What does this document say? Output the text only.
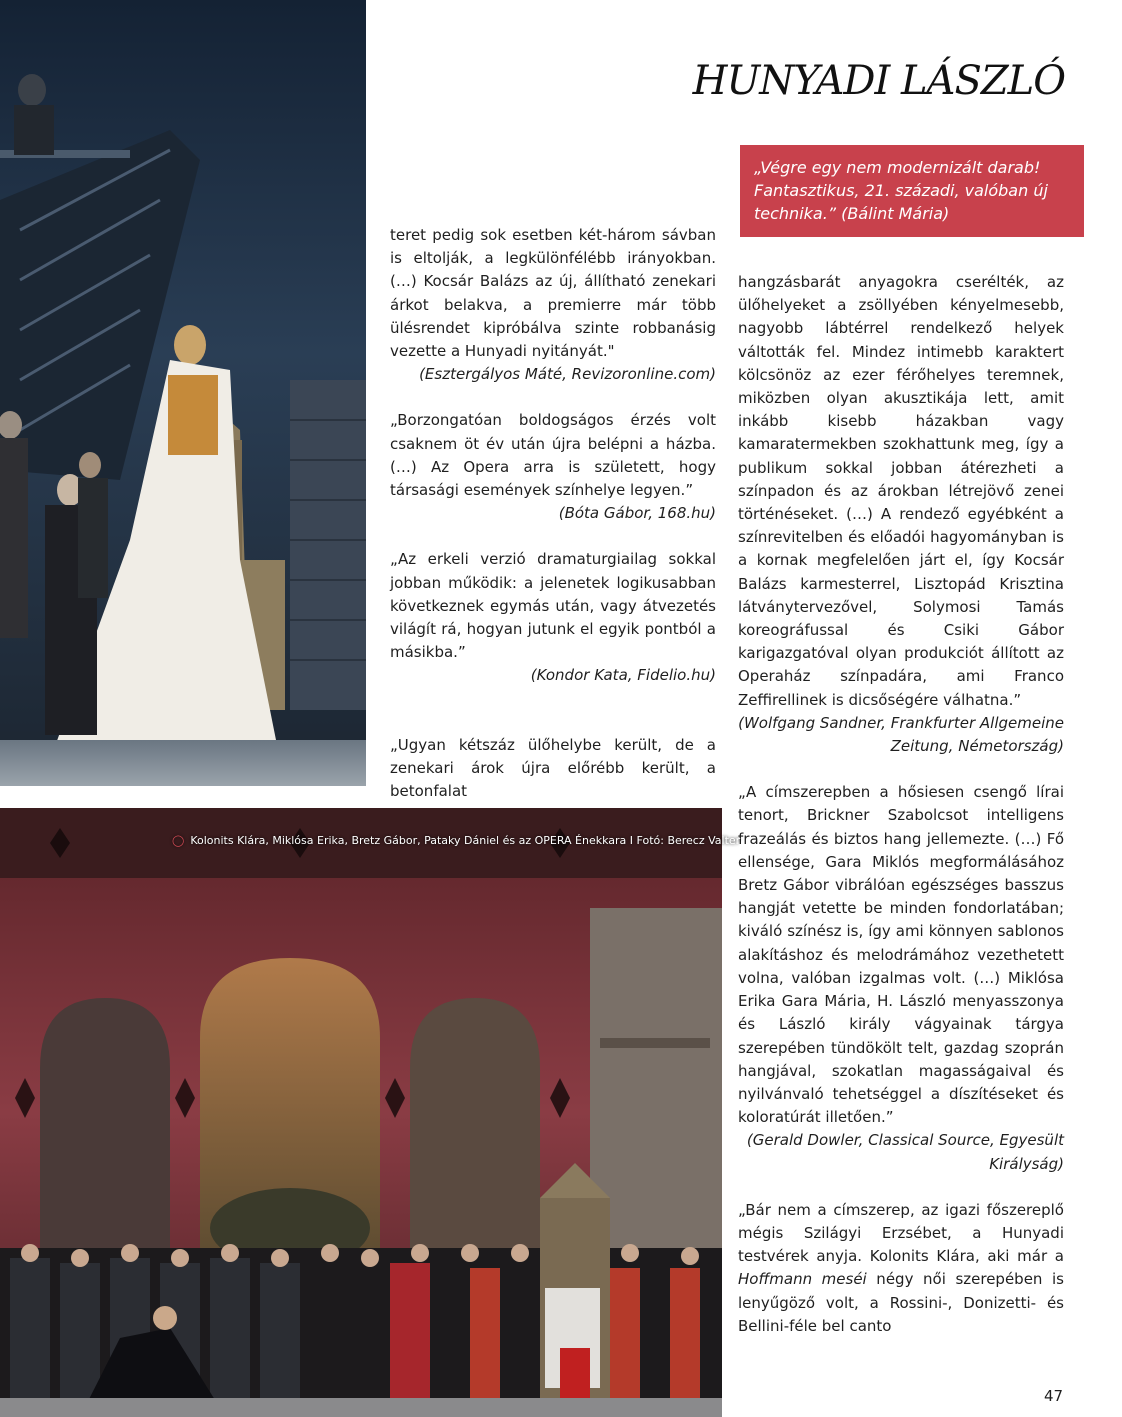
HUNYADI LÁSZLÓ
„Végre egy nem modernizált darab! Fantasztikus, 21. századi, valóban új technika.” (Bálint Mária)

teret pedig sok esetben két-három sávban is eltolják, a legkülönfélébb irányokban. (…) Kocsár Balázs az új, állítható zenekari árkot belakva, a premierre már több ülésrendet kipróbálva szinte robbanásig vezette a Hunyadi nyitányát."

(Esztergályos Máté, Revizoronline.com)

„Borzongatóan boldogságos érzés volt csaknem öt év után újra belépni a házba.(…) Az Opera arra is született, hogy társasági események színhelye legyen.”

(Bóta Gábor, 168.hu)

„Az erkeli verzió dramaturgiailag sokkal jobban működik: a jelenetek logikusabban következnek egymás után, vagy átvezetés világít rá, hogyan jutunk el egyik pontból a másikba.”

(Kondor Kata, Fidelio.hu)

„Ugyan kétszáz ülőhelybe került, de a zenekari árok újra előrébb került, a betonfalat

hangzásbarát anyagokra cserélték, az ülőhelyeket a zsöllyében kényelmesebb, nagyobb lábtérrel rendelkező helyek váltották fel. Mindez intimebb karaktert kölcsönöz az ezer férőhelyes teremnek, miközben olyan akusztikája lett, amit inkább kisebb házakban vagy kamaratermekben szokhattunk meg, így a publikum sokkal jobban átérezheti a színpadon és az árokban létrejövő zenei történéseket. (…) A rendező egyébként a színrevitelben és előadói hagyományban is a kornak megfelelően járt el, így Kocsár Balázs karmesterrel, Lisztopád Krisztina látványtervezővel, Solymosi Tamás koreográfussal és Csiki Gábor karigazgatóval olyan produkciót állított az Operaház színpadára, ami Franco Zeffirellinek is dicsőségére válhatna.”

(Wolfgang Sandner, Frankfurter Allgemeine Zeitung, Németország)

„A címszerepben a hősiesen csengő lírai tenort, Brickner Szabolcsot intelligens frazeálás és biztos hang jellemezte. (…) Fő ellensége, Gara Miklós megformálásához Bretz Gábor vibrálóan egészséges basszus hangját vetette be minden fondorlatában; kiváló színész is, így ami könnyen sablonos alakításhoz és melodrámához vezethetett volna, valóban izgalmas volt. (…) Miklósa Erika Gara Mária, H. László menyasszonya és László király vágyainak tárgya szerepében tündökölt telt, gazdag szoprán hangjával, szokatlan magasságaival és nyilvánvaló tehetséggel a díszítéseket és koloratúrát illetően.”

(Gerald Dowler, Classical Source, Egyesült Királyság)

„Bár nem a címszerep, az igazi főszereplő mégis Szilágyi Erzsébet, a Hunyadi testvérek anyja. Kolonits Klára, aki már a Hoffmann meséi négy női szerepében is lenyűgöző volt, a Rossini-, Donizetti- és Bellini-féle bel canto

◯ Kolonits Klára, Miklósa Erika, Bretz Gábor, Pataky Dániel és az OPERA Énekkara I Fotó: Berecz Valter
47
